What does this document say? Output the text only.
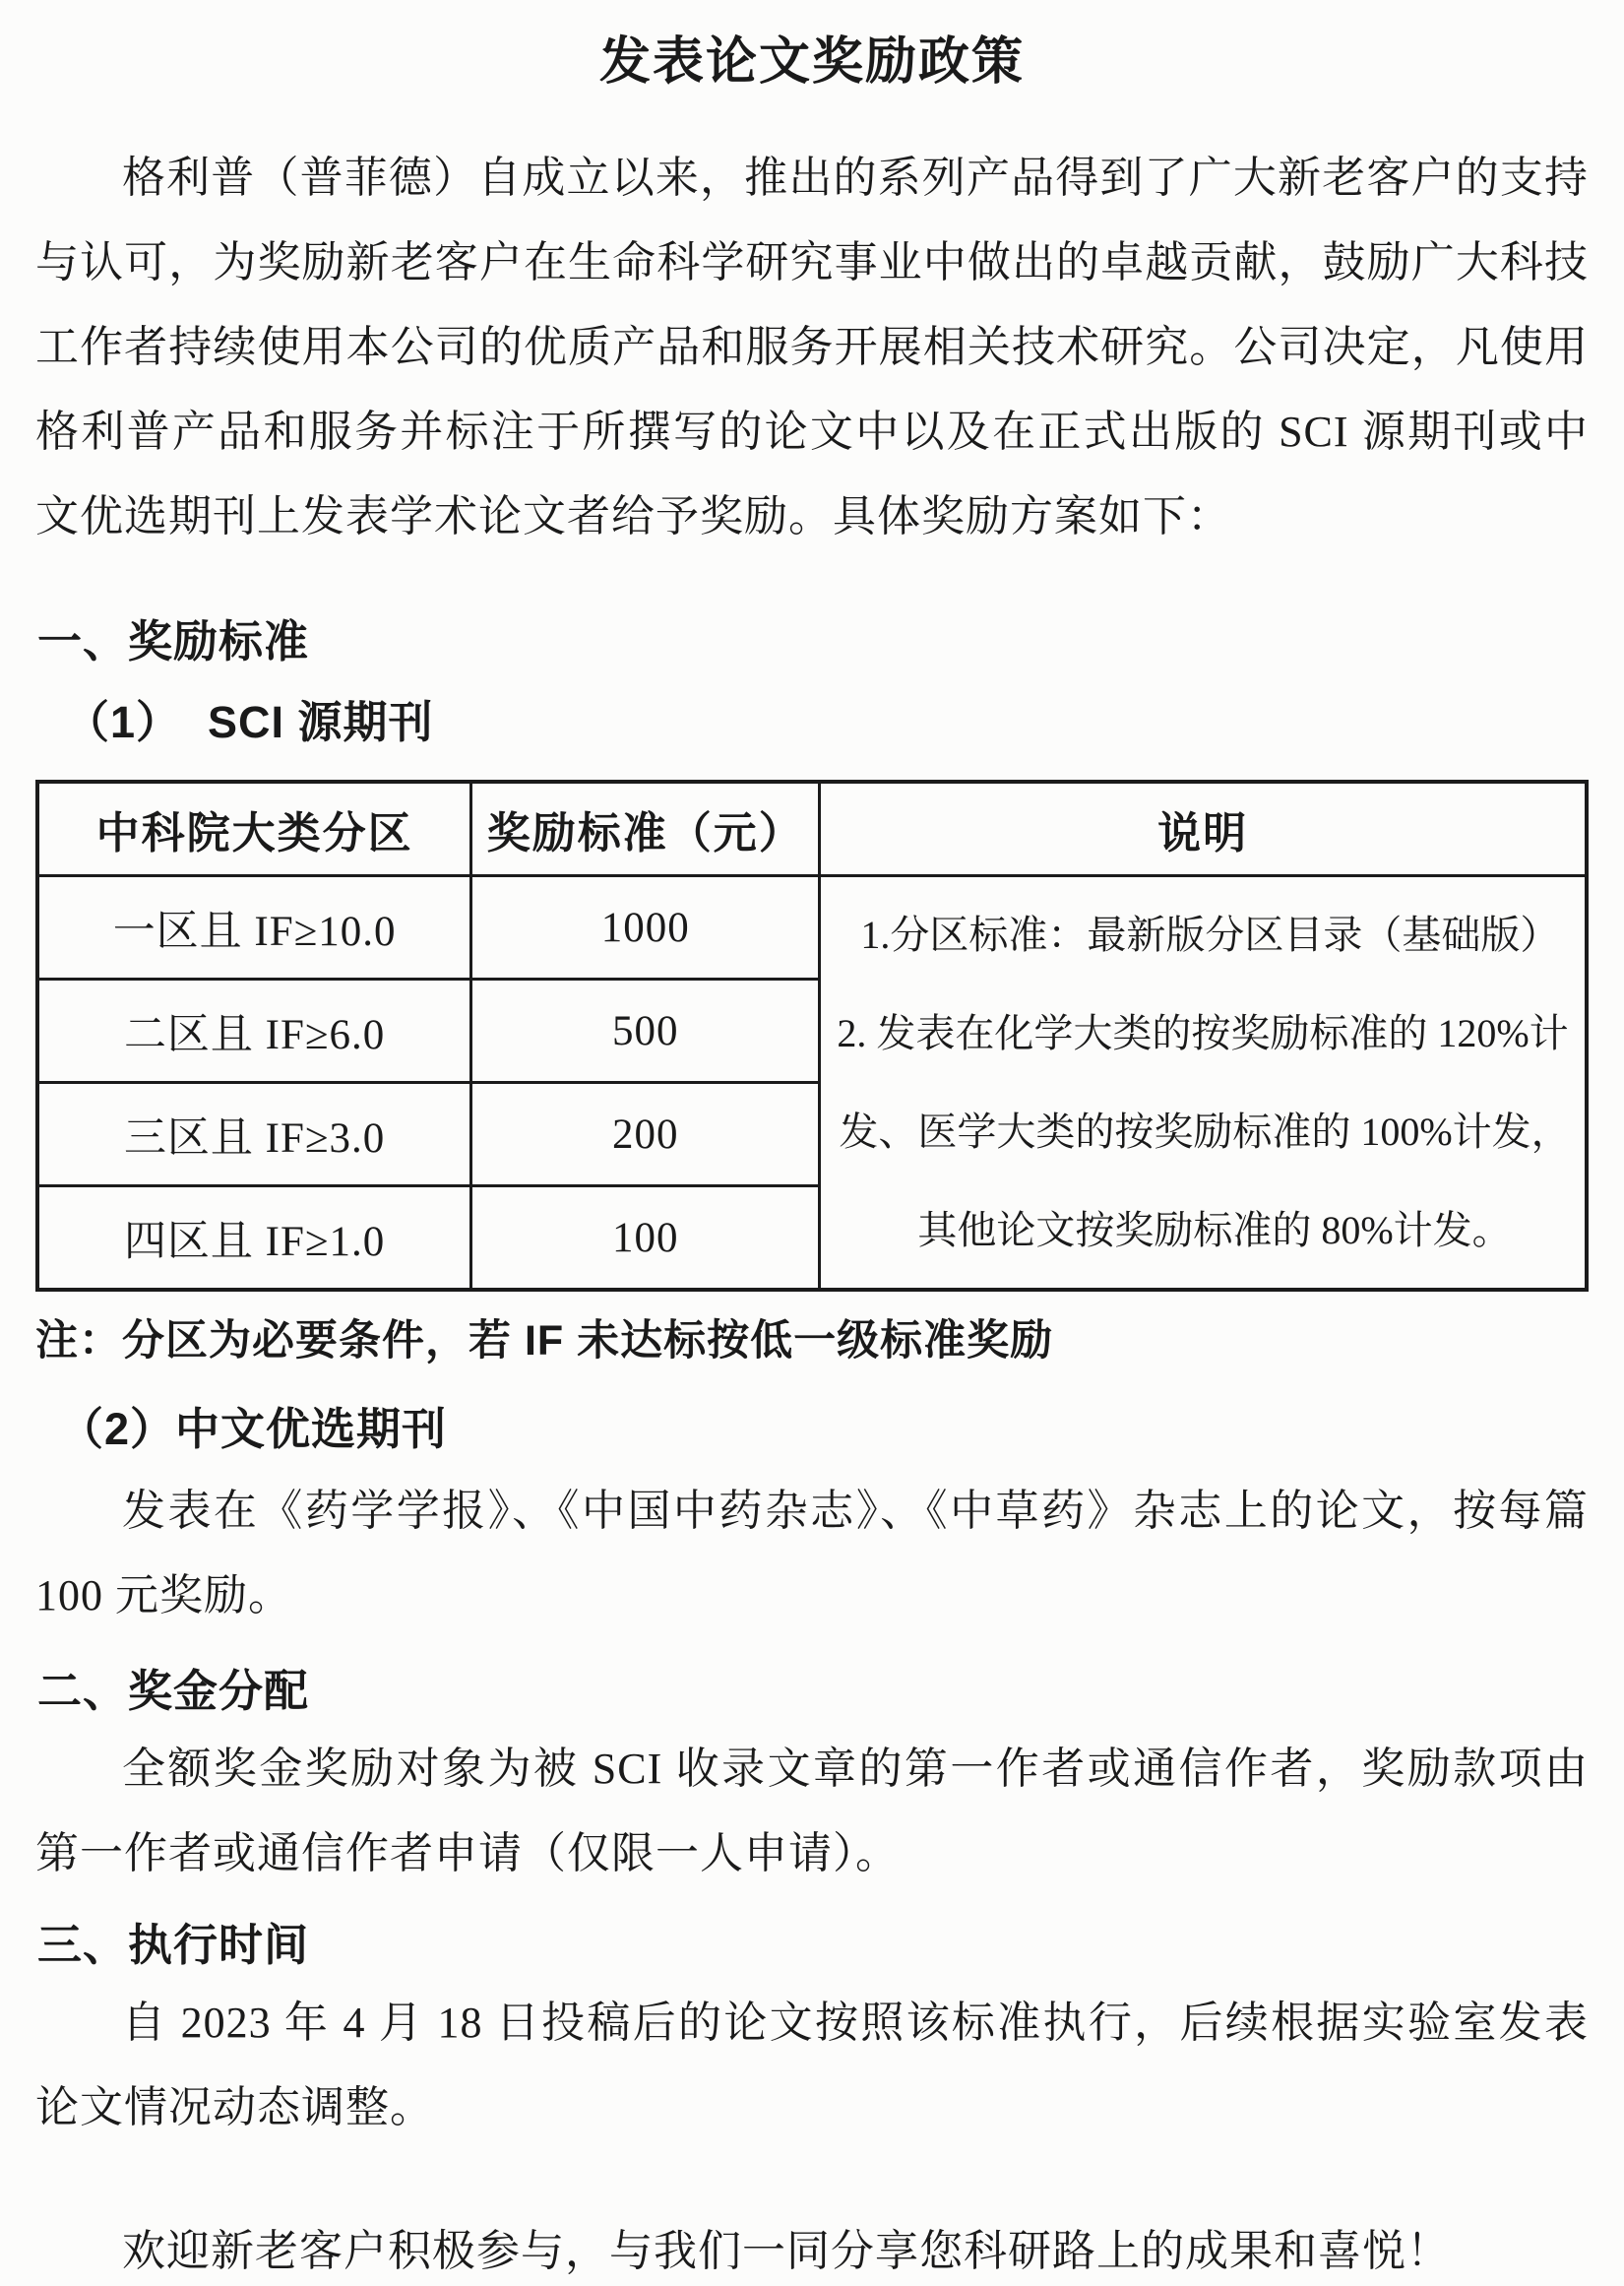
发表论文奖励政策

格利普（普菲德）自成立以来，推出的系列产品得到了广大新老客户的支持与认可，为奖励新老客户在生命科学研究事业中做出的卓越贡献，鼓励广大科技工作者持续使用本公司的优质产品和服务开展相关技术研究。公司决定，凡使用格利普产品和服务并标注于所撰写的论文中以及在正式出版的 SCI 源期刊或中文优选期刊上发表学术论文者给予奖励。具体奖励方案如下：

一、奖励标准
（1）  SCI 源期刊
中科院大类分区	奖励标准（元）	说明
一区且 IF≥10.0	1000	1.分区标准：最新版分区目录（基础版）
2. 发表在化学大类的按奖励标准的 120%计
发、医学大类的按奖励标准的 100%计发，
其他论文按奖励标准的 80%计发。

二区且 IF≥6.0	500	
三区且 IF≥3.0	200	
四区且 IF≥1.0	100	
注：分区为必要条件，若 IF 未达标按低一级标准奖励
（2）中文优选期刊

发表在《药学学报》、《中国中药杂志》、《中草药》杂志上的论文，按每篇 100 元奖励。

二、奖金分配

全额奖金奖励对象为被 SCI 收录文章的第一作者或通信作者，奖励款项由第一作者或通信作者申请（仅限一人申请）。

三、执行时间

自 2023 年 4 月 18 日投稿后的论文按照该标准执行，后续根据实验室发表论文情况动态调整。

欢迎新老客户积极参与，与我们一同分享您科研路上的成果和喜悦！
